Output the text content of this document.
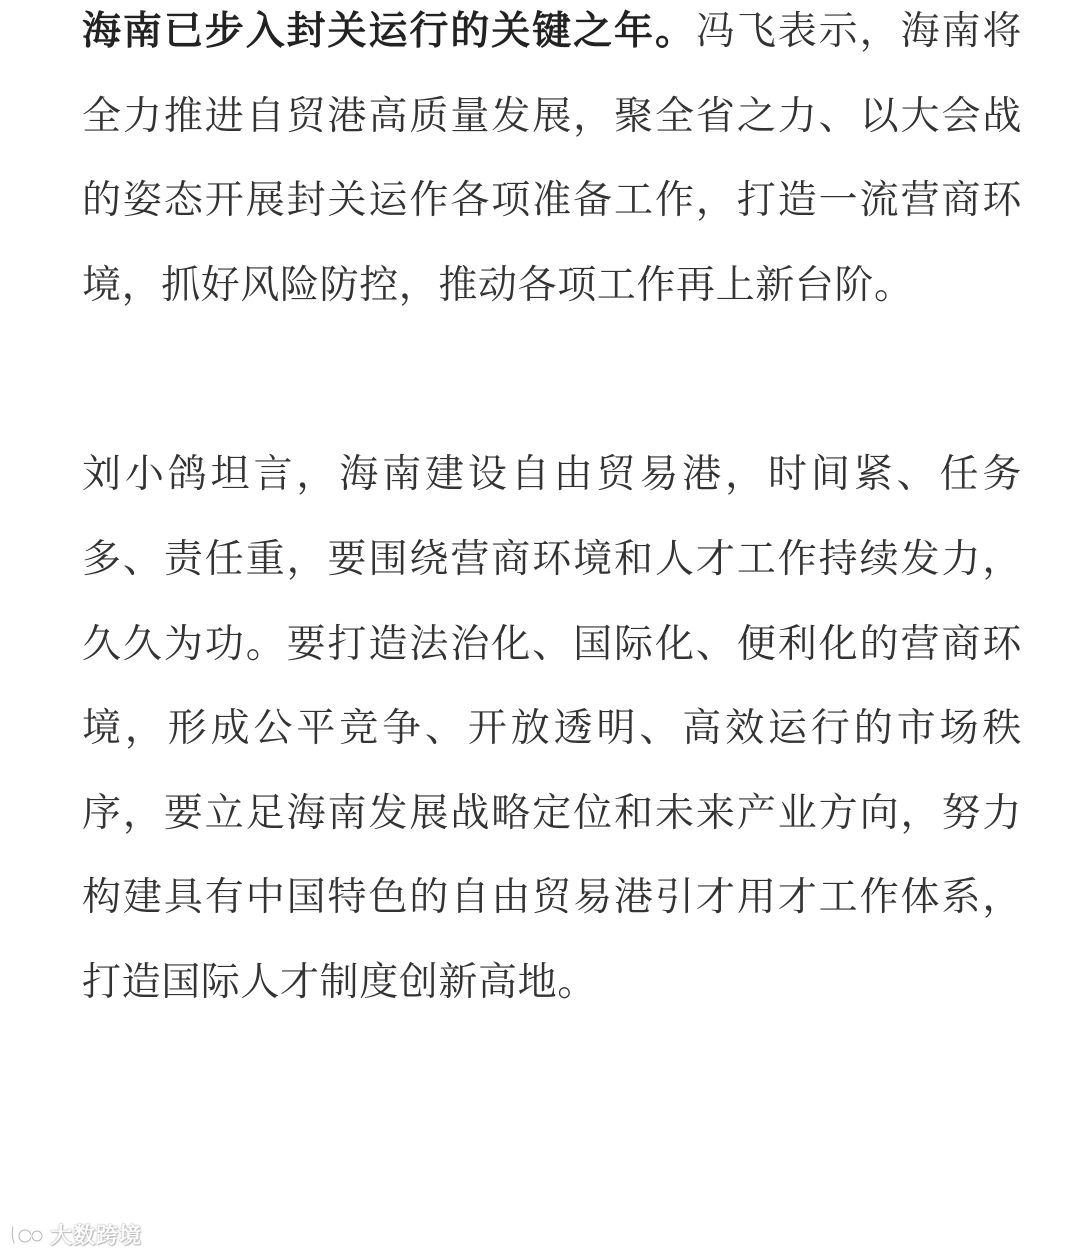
海南已步入封关运行的关键之年。冯飞表示，海南将全力推进自贸港高质量发展，聚全省之力、以大会战的姿态开展封关运作各项准备工作，打造一流营商环境，抓好风险防控，推动各项工作再上新台阶。

刘小鸽坦言，海南建设自由贸易港，时间紧、任务多、责任重，要围绕营商环境和人才工作持续发力，久久为功。要打造法治化、国际化、便利化的营商环境，形成公平竞争、开放透明、高效运行的市场秩序，要立足海南发展战略定位和未来产业方向，努力构建具有中国特色的自由贸易港引才用才工作体系，打造国际人才制度创新高地。

大数跨境
